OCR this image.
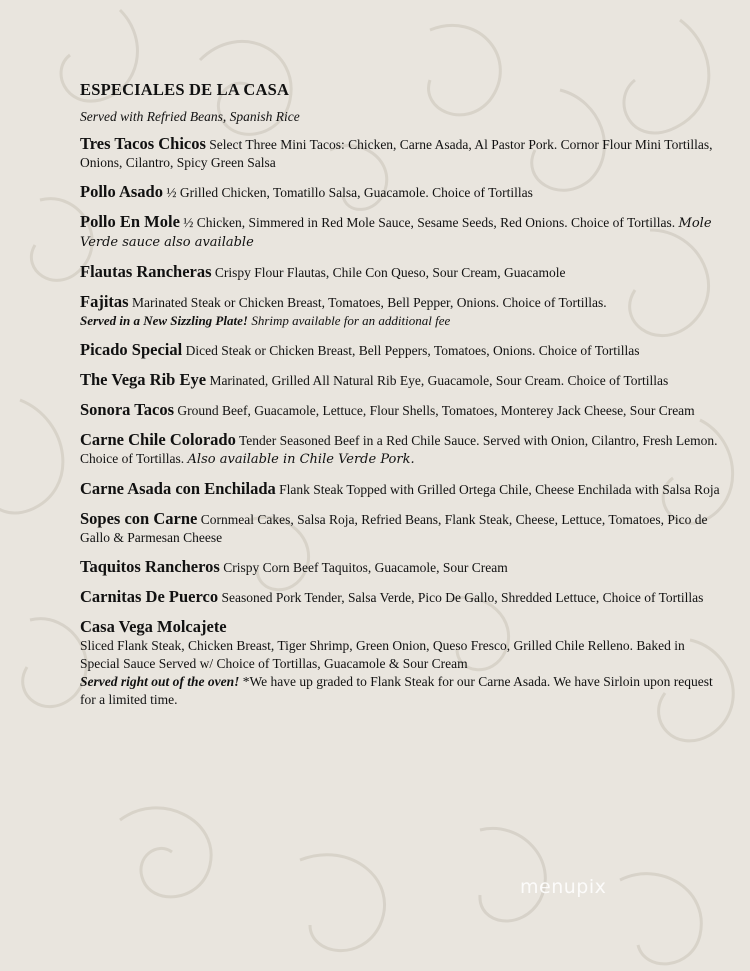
ESPECIALES DE LA CASA
Served with Refried Beans, Spanish Rice
Tres Tacos Chicos Select Three Mini Tacos: Chicken, Carne Asada, Al Pastor Pork. Cornor Flour Mini Tortillas, Onions, Cilantro, Spicy Green Salsa
Pollo Asado ½ Grilled Chicken, Tomatillo Salsa, Guacamole. Choice of Tortillas
Pollo En Mole ½ Chicken, Simmered in Red Mole Sauce, Sesame Seeds, Red Onions. Choice of Tortillas. Mole Verde sauce also available
Flautas Rancheras Crispy Flour Flautas, Chile Con Queso, Sour Cream, Guacamole
Fajitas Marinated Steak or Chicken Breast, Tomatoes, Bell Pepper, Onions. Choice of Tortillas.
Served in a New Sizzling Plate! Shrimp available for an additional fee
Picado Special Diced Steak or Chicken Breast, Bell Peppers, Tomatoes, Onions. Choice of Tortillas
The Vega Rib Eye Marinated, Grilled All Natural Rib Eye, Guacamole, Sour Cream. Choice of Tortillas
Sonora Tacos Ground Beef, Guacamole, Lettuce, Flour Shells, Tomatoes, Monterey Jack Cheese, Sour Cream
Carne Chile Colorado Tender Seasoned Beef in a Red Chile Sauce. Served with Onion, Cilantro, Fresh Lemon. Choice of Tortillas. Also available in Chile Verde Pork.
Carne Asada con Enchilada Flank Steak Topped with Grilled Ortega Chile, Cheese Enchilada with Salsa Roja
Sopes con Carne Cornmeal Cakes, Salsa Roja, Refried Beans, Flank Steak, Cheese, Lettuce, Tomatoes, Pico de Gallo & Parmesan Cheese
Taquitos Rancheros Crispy Corn Beef Taquitos, Guacamole, Sour Cream
Carnitas De Puerco Seasoned Pork Tender, Salsa Verde, Pico De Gallo, Shredded Lettuce, Choice of Tortillas
Casa Vega Molcajete
Sliced Flank Steak, Chicken Breast, Tiger Shrimp, Green Onion, Queso Fresco, Grilled Chile Relleno. Baked in Special Sauce Served w/ Choice of Tortillas, Guacamole & Sour Cream
Served right out of the oven! *We have up graded to Flank Steak for our Carne Asada. We have Sirloin upon request for a limited time.
menupix
